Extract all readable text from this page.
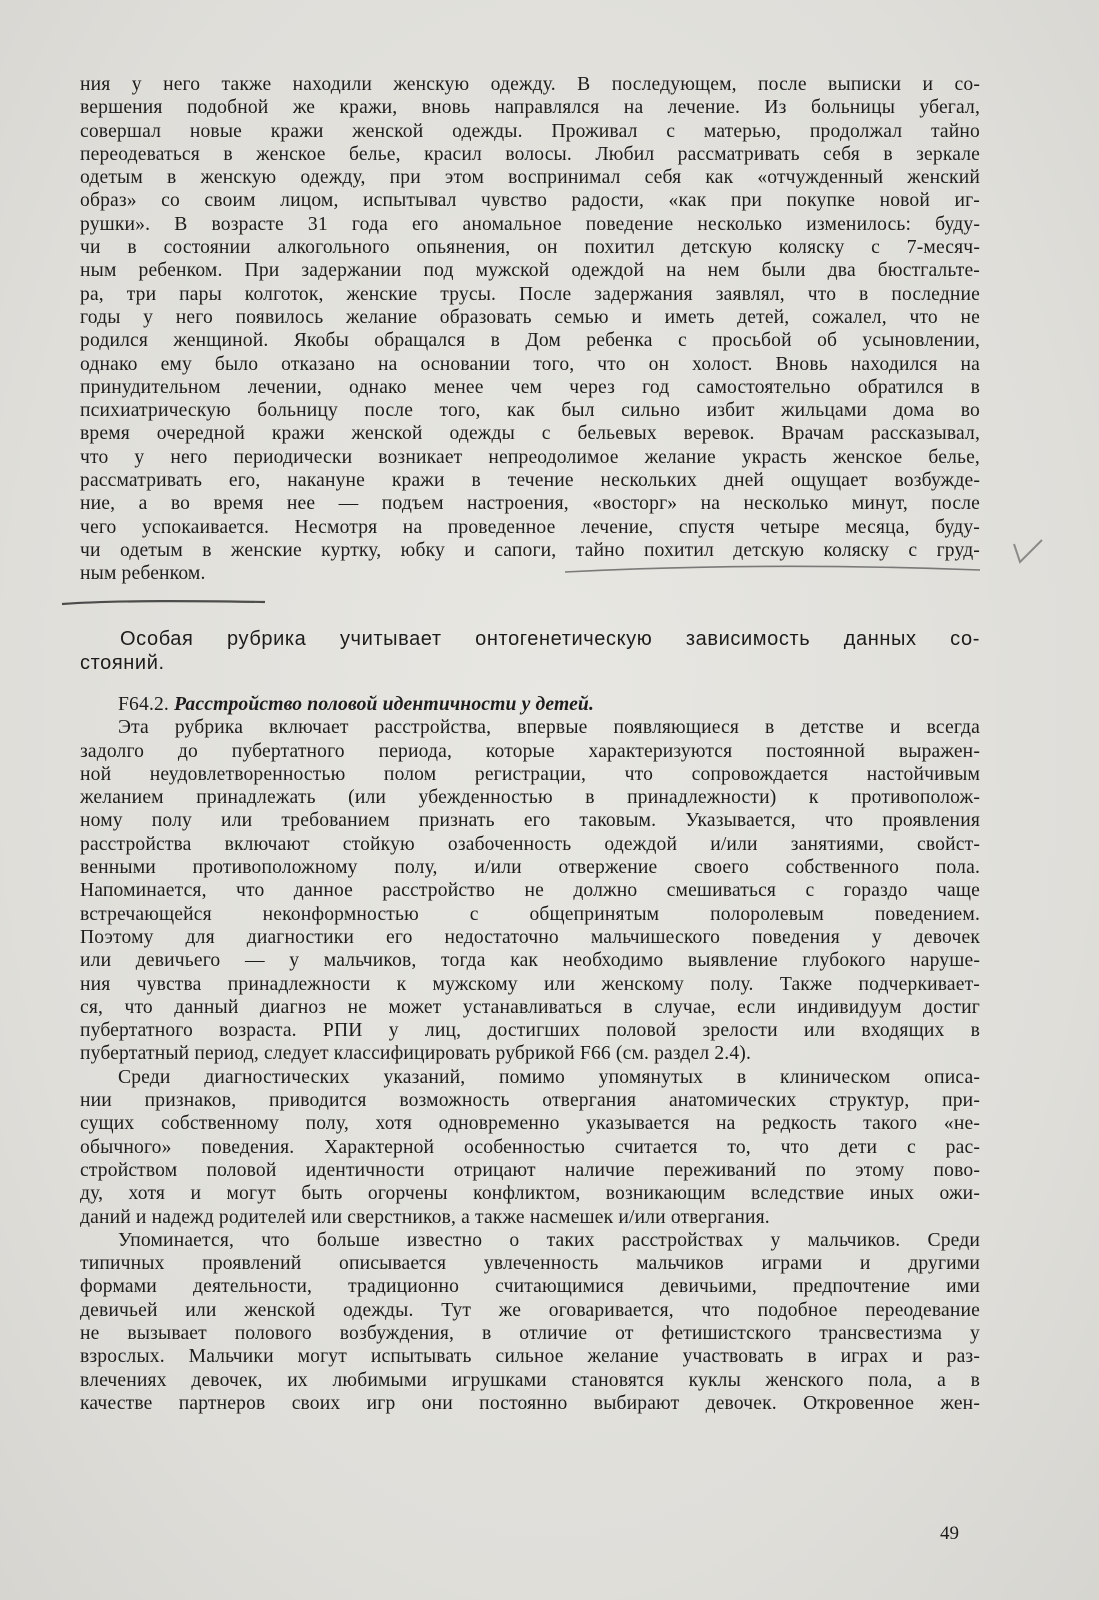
ния у него также находили женскую одежду. В последующем, после выписки и со-
вершения подобной же кражи, вновь направлялся на лечение. Из больницы убегал,
совершал новые кражи женской одежды. Проживал с матерью, продолжал тайно
переодеваться в женское белье, красил волосы. Любил рассматривать себя в зеркале
одетым в женскую одежду, при этом воспринимал себя как «отчужденный женский
образ» со своим лицом, испытывал чувство радости, «как при покупке новой иг-
рушки». В возрасте 31 года его аномальное поведение несколько изменилось: буду-
чи в состоянии алкогольного опьянения, он похитил детскую коляску с 7-месяч-
ным ребенком. При задержании под мужской одеждой на нем были два бюстгальте-
ра, три пары колготок, женские трусы. После задержания заявлял, что в последние
годы у него появилось желание образовать семью и иметь детей, сожалел, что не
родился женщиной. Якобы обращался в Дом ребенка с просьбой об усыновлении,
однако ему было отказано на основании того, что он холост. Вновь находился на
принудительном лечении, однако менее чем через год самостоятельно обратился в
психиатрическую больницу после того, как был сильно избит жильцами дома во
время очередной кражи женской одежды с бельевых веревок. Врачам рассказывал,
что у него периодически возникает непреодолимое желание украсть женское белье,
рассматривать его, накануне кражи в течение нескольких дней ощущает возбужде-
ние, а во время нее — подъем настроения, «восторг» на несколько минут, после
чего успокаивается. Несмотря на проведенное лечение, спустя четыре месяца, буду-
чи одетым в женские куртку, юбку и сапоги, тайно похитил детскую коляску с груд-
ным ребенком.
Особая рубрика учитывает онтогенетическую зависимость данных со-
стояний.
F64.2. Расстройство половой идентичности у детей.
Эта рубрика включает расстройства, впервые появляющиеся в детстве и всегда
задолго до пубертатного периода, которые характеризуются постоянной выражен-
ной неудовлетворенностью полом регистрации, что сопровождается настойчивым
желанием принадлежать (или убежденностью в принадлежности) к противополож-
ному полу или требованием признать его таковым. Указывается, что проявления
расстройства включают стойкую озабоченность одеждой и/или занятиями, свойст-
венными противоположному полу, и/или отвержение своего собственного пола.
Напоминается, что данное расстройство не должно смешиваться с гораздо чаще
встречающейся неконформностью с общепринятым полоролевым поведением.
Поэтому для диагностики его недостаточно мальчишеского поведения у девочек
или девичьего — у мальчиков, тогда как необходимо выявление глубокого наруше-
ния чувства принадлежности к мужскому или женскому полу. Также подчеркивает-
ся, что данный диагноз не может устанавливаться в случае, если индивидуум достиг
пубертатного возраста. РПИ у лиц, достигших половой зрелости или входящих в
пубертатный период, следует классифицировать рубрикой F66 (см. раздел 2.4).
Среди диагностических указаний, помимо упомянутых в клиническом описа-
нии признаков, приводится возможность отвергания анатомических структур, при-
сущих собственному полу, хотя одновременно указывается на редкость такого «не-
обычного» поведения. Характерной особенностью считается то, что дети с рас-
стройством половой идентичности отрицают наличие переживаний по этому пово-
ду, хотя и могут быть огорчены конфликтом, возникающим вследствие иных ожи-
даний и надежд родителей или сверстников, а также насмешек и/или отвергания.
Упоминается, что больше известно о таких расстройствах у мальчиков. Среди
типичных проявлений описывается увлеченность мальчиков играми и другими
формами деятельности, традиционно считающимися девичьими, предпочтение ими
девичьей или женской одежды. Тут же оговаривается, что подобное переодевание
не вызывает полового возбуждения, в отличие от фетишистского трансвестизма у
взрослых. Мальчики могут испытывать сильное желание участвовать в играх и раз-
влечениях девочек, их любимыми игрушками становятся куклы женского пола, а в
качестве партнеров своих игр они постоянно выбирают девочек. Откровенное жен-
49
